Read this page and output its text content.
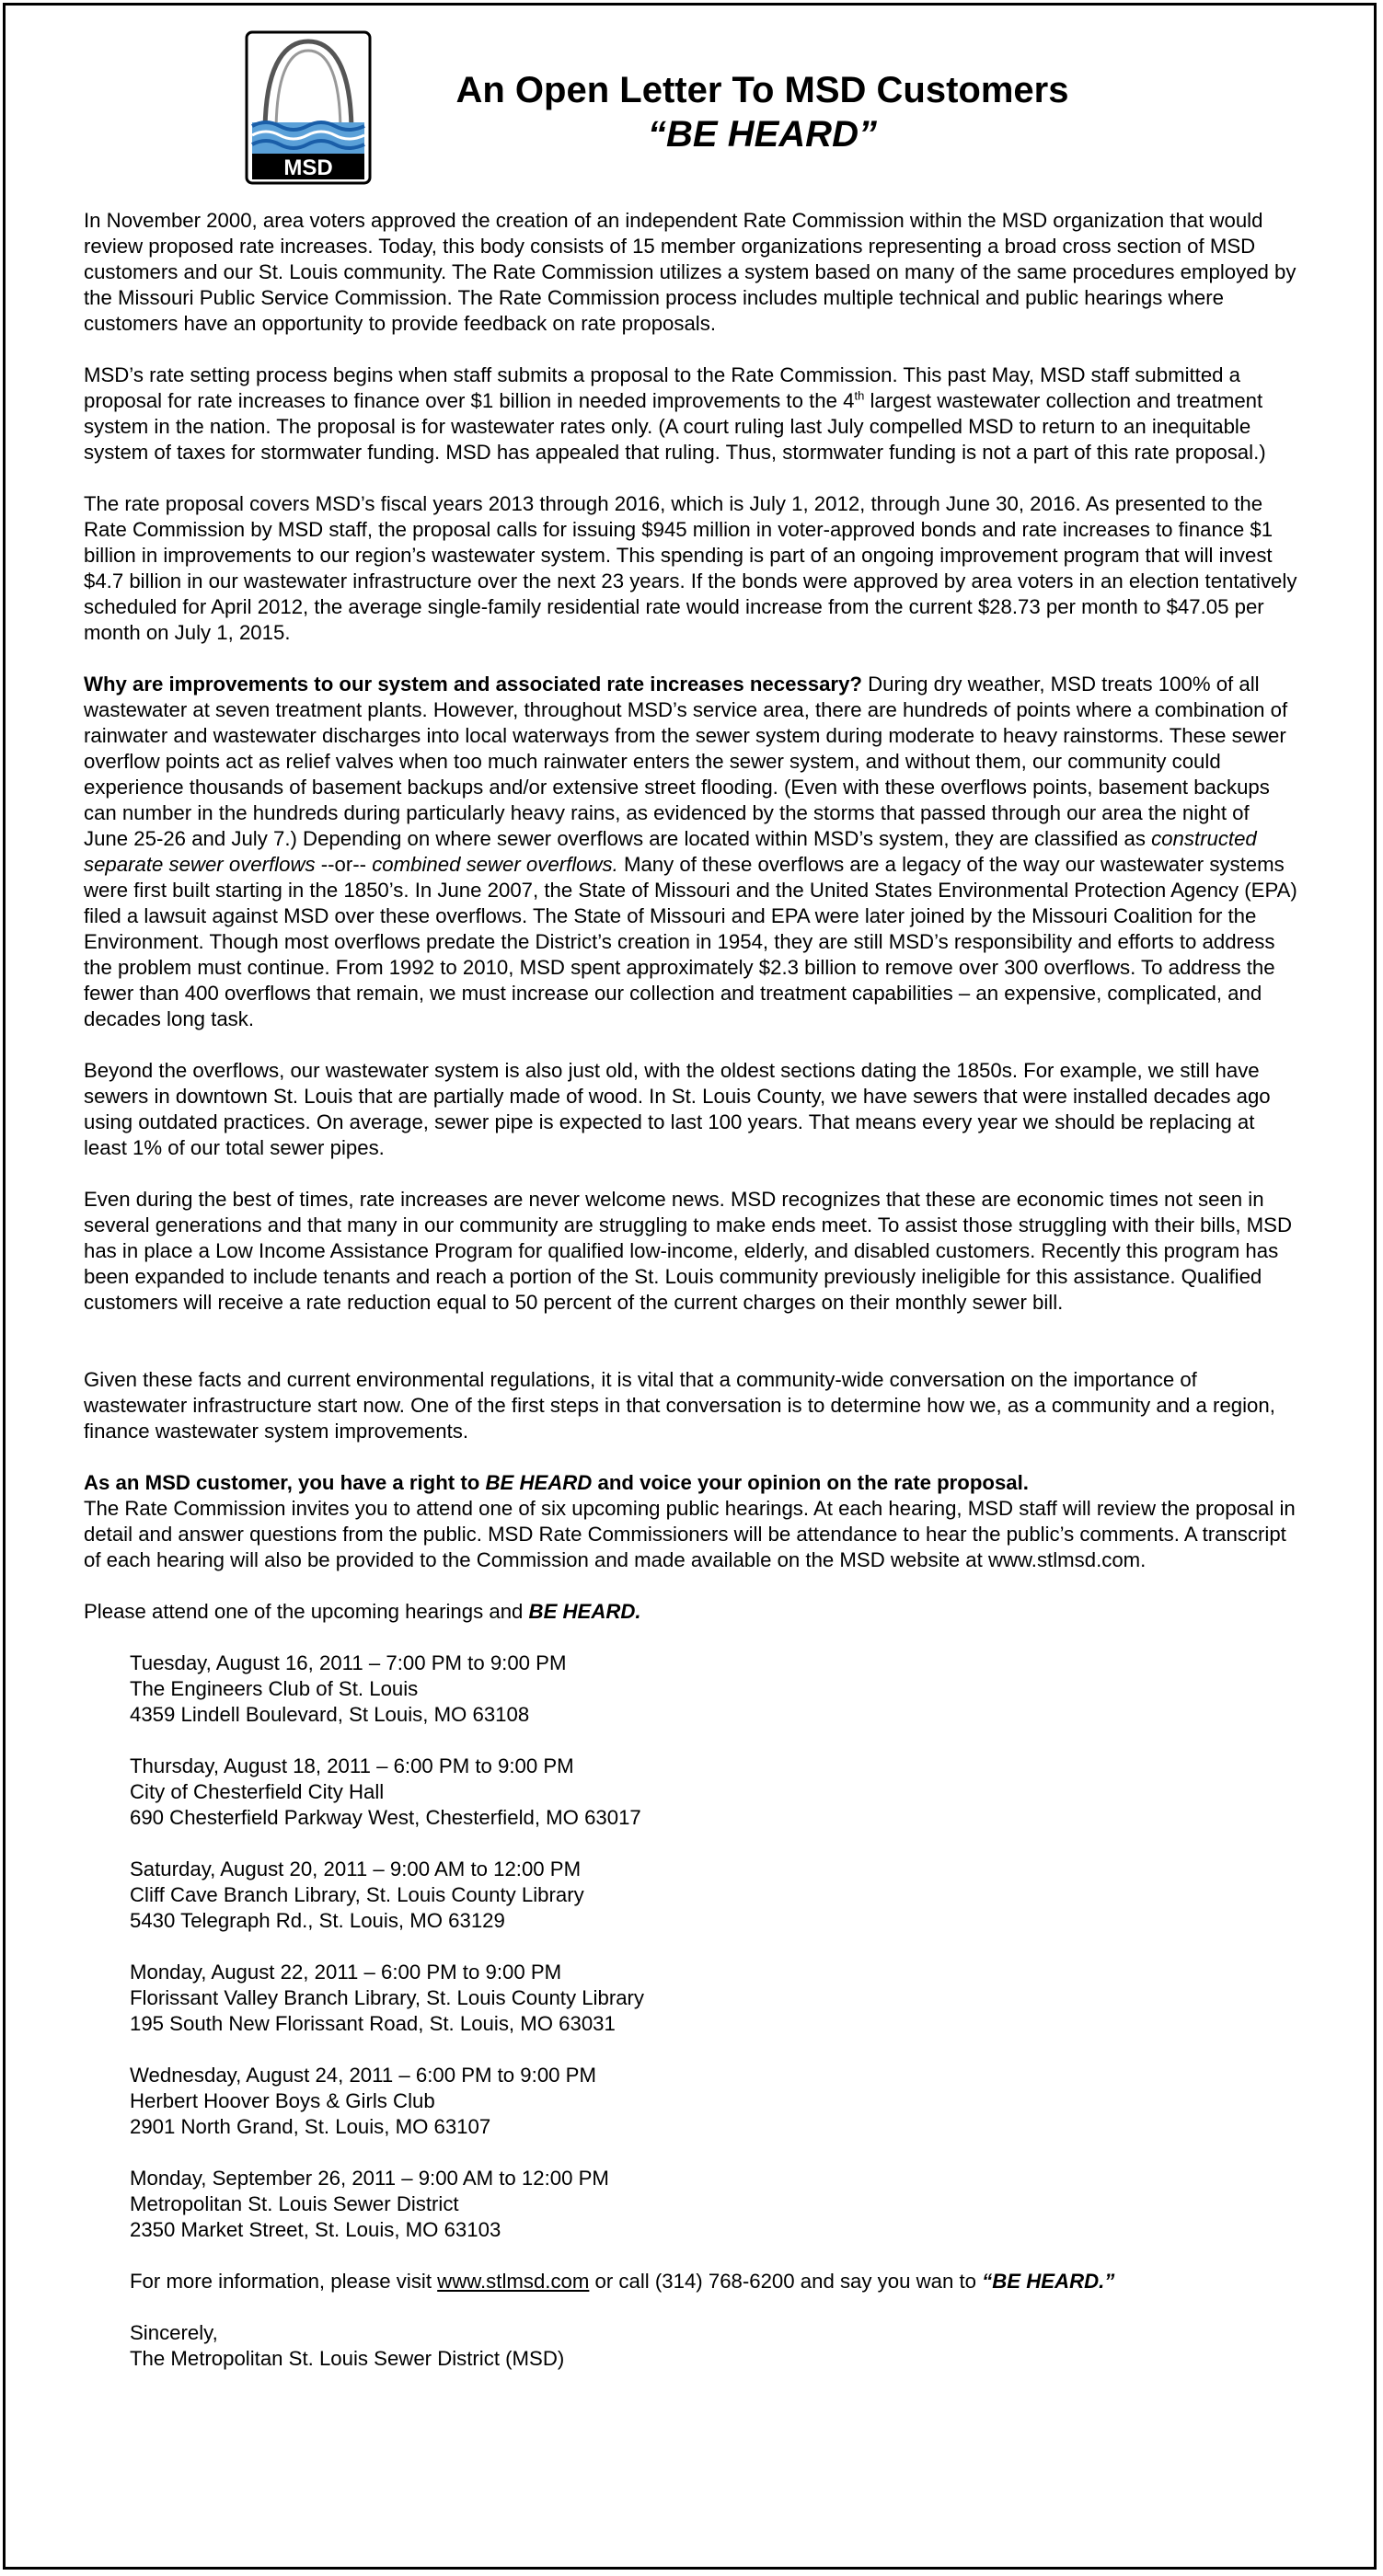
MSD
An Open Letter To MSD Customers
“BE HEARD”

In November 2000, area voters approved the creation of an independent Rate Commission within the MSD organization that would review proposed rate increases. Today, this body consists of 15 member organizations representing a broad cross section of MSD customers and our St. Louis community. The Rate Commission utilizes a system based on many of the same procedures employed by the Missouri Public Service Commission. The Rate Commission process includes multiple technical and public hearings where customers have an opportunity to provide feedback on rate proposals.

MSD’s rate setting process begins when staff submits a proposal to the Rate Commission. This past May, MSD staff submitted a proposal for rate increases to finance over $1 billion in needed improvements to the 4th largest wastewater collection and treatment system in the nation. The proposal is for wastewater rates only. (A court ruling last July compelled MSD to return to an inequitable system of taxes for stormwater funding. MSD has appealed that ruling. Thus, stormwater funding is not a part of this rate proposal.)

The rate proposal covers MSD’s fiscal years 2013 through 2016, which is July 1, 2012, through June 30, 2016. As presented to the Rate Commission by MSD staff, the proposal calls for issuing $945 million in voter-approved bonds and rate increases to finance $1 billion in improvements to our region’s wastewater system. This spending is part of an ongoing improvement program that will invest $4.7 billion in our wastewater infrastructure over the next 23 years. If the bonds were approved by area voters in an election tentatively scheduled for April 2012, the average single-family residential rate would increase from the current $28.73 per month to $47.05 per month on July 1, 2015.

Why are improvements to our system and associated rate increases necessary? During dry weather, MSD treats 100% of all wastewater at seven treatment plants. However, throughout MSD’s service area, there are hundreds of points where a combination of rainwater and wastewater discharges into local waterways from the sewer system during moderate to heavy rainstorms. These sewer overflow points act as relief valves when too much rainwater enters the sewer system, and without them, our community could experience thousands of basement backups and/or extensive street flooding. (Even with these overflows points, basement backups can number in the hundreds during particularly heavy rains, as evidenced by the storms that passed through our area the night of June 25-26 and July 7.) Depending on where sewer overflows are located within MSD’s system, they are classified as constructed separate sewer overflows --or-- combined sewer overflows. Many of these overflows are a legacy of the way our wastewater systems were first built starting in the 1850’s. In June 2007, the State of Missouri and the United States Environmental Protection Agency (EPA) filed a lawsuit against MSD over these overflows. The State of Missouri and EPA were later joined by the Missouri Coalition for the Environment. Though most overflows predate the District’s creation in 1954, they are still MSD’s responsibility and efforts to address the problem must continue. From 1992 to 2010, MSD spent approximately $2.3 billion to remove over 300 overflows. To address the fewer than 400 overflows that remain, we must increase our collection and treatment capabilities – an expensive, complicated, and decades long task.

Beyond the overflows, our wastewater system is also just old, with the oldest sections dating the 1850s. For example, we still have sewers in downtown St. Louis that are partially made of wood. In St. Louis County, we have sewers that were installed decades ago using outdated practices. On average, sewer pipe is expected to last 100 years. That means every year we should be replacing at least 1% of our total sewer pipes.

Even during the best of times, rate increases are never welcome news. MSD recognizes that these are economic times not seen in several generations and that many in our community are struggling to make ends meet. To assist those struggling with their bills, MSD has in place a Low Income Assistance Program for qualified low-income, elderly, and disabled customers. Recently this program has been expanded to include tenants and reach a portion of the St. Louis community previously ineligible for this assistance. Qualified customers will receive a rate reduction equal to 50 percent of the current charges on their monthly sewer bill.

Given these facts and current environmental regulations, it is vital that a community-wide conversation on the importance of wastewater infrastructure start now. One of the first steps in that conversation is to determine how we, as a community and a region, finance wastewater system improvements.

As an MSD customer, you have a right to BE HEARD and voice your opinion on the rate proposal.

The Rate Commission invites you to attend one of six upcoming public hearings. At each hearing, MSD staff will review the proposal in detail and answer questions from the public. MSD Rate Commissioners will be attendance to hear the public’s comments. A transcript of each hearing will also be provided to the Commission and made available on the MSD website at www.stlmsd.com.

Please attend one of the upcoming hearings and BE HEARD.

Tuesday, August 16, 2011 – 7:00 PM to 9:00 PM
The Engineers Club of St. Louis
4359 Lindell Boulevard, St Louis, MO 63108
Thursday, August 18, 2011 – 6:00 PM to 9:00 PM
City of Chesterfield City Hall
690 Chesterfield Parkway West, Chesterfield, MO 63017
Saturday, August 20, 2011 – 9:00 AM to 12:00 PM
Cliff Cave Branch Library, St. Louis County Library
5430 Telegraph Rd., St. Louis, MO 63129
Monday, August 22, 2011 – 6:00 PM to 9:00 PM
Florissant Valley Branch Library, St. Louis County Library
195 South New Florissant Road, St. Louis, MO 63031
Wednesday, August 24, 2011 – 6:00 PM to 9:00 PM
Herbert Hoover Boys & Girls Club
2901 North Grand, St. Louis, MO 63107
Monday, September 26, 2011 – 9:00 AM to 12:00 PM
Metropolitan St. Louis Sewer District
2350 Market Street, St. Louis, MO 63103

For more information, please visit www.stlmsd.com or call (314) 768-6200 and say you wan to “BE HEARD.”

Sincerely,
The Metropolitan St. Louis Sewer District (MSD)
